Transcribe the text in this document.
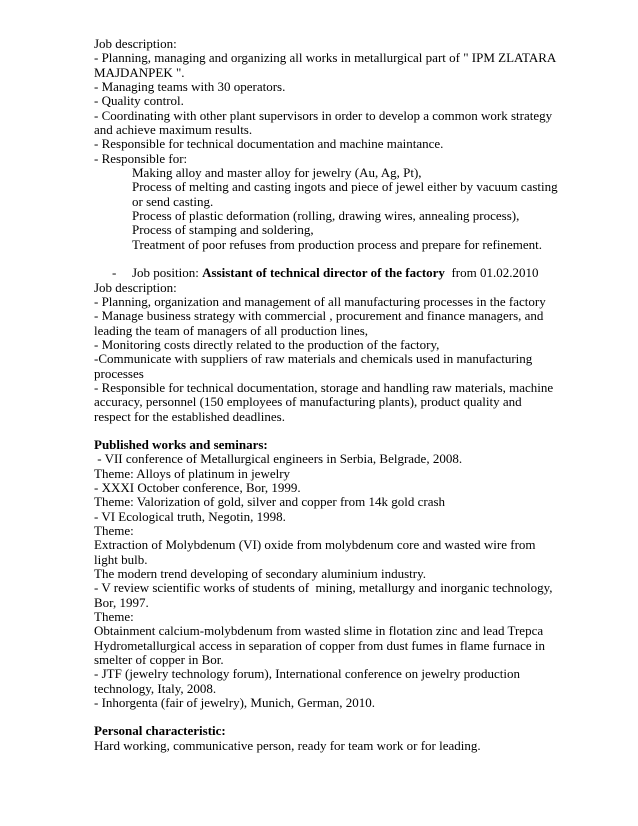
Job description:

- Planning, managing and organizing all works in metallurgical part of " IPM ZLATARA

MAJDANPEK ".

- Managing teams with 30 operators.

- Quality control.

- Coordinating with other plant supervisors in order to develop a common work strategy

and achieve maximum results.

- Responsible for technical documentation and machine maintance.

- Responsible for:

Making alloy and master alloy for jewelry (Au, Ag, Pt),

Process of melting and casting ingots and piece of jewel either by vacuum casting

or send casting.

Process of plastic deformation (rolling, drawing wires, annealing process),

Process of stamping and soldering,

Treatment of poor refuses from production process and prepare for refinement.

- Job position: Assistant of technical director of the factory from 01.02.2010

Job description:

- Planning, organization and management of all manufacturing processes in the factory

- Manage business strategy with commercial , procurement and finance managers, and

leading the team of managers of all production lines,

- Monitoring costs directly related to the production of the factory,

-Communicate with suppliers of raw materials and chemicals used in manufacturing

processes

- Responsible for technical documentation, storage and handling raw materials, machine

accuracy, personnel (150 employees of manufacturing plants), product quality and

respect for the established deadlines.

Published works and seminars:

- VII conference of Metallurgical engineers in Serbia, Belgrade, 2008.

Theme: Alloys of platinum in jewelry

- XXXI October conference, Bor, 1999.

Theme: Valorization of gold, silver and copper from 14k gold crash

- VI Ecological truth, Negotin, 1998.

Theme:

Extraction of Molybdenum (VI) oxide from molybdenum core and wasted wire from

light bulb.

The modern trend developing of secondary aluminium industry.

- V review scientific works of students of  mining, metallurgy and inorganic technology,

Bor, 1997.

Theme:

Obtainment calcium-molybdenum from wasted slime in flotation zinc and lead Trepca

Hydrometallurgical access in separation of copper from dust fumes in flame furnace in

smelter of copper in Bor.

- JTF (jewelry technology forum), International conference on jewelry production

technology, Italy, 2008.

- Inhorgenta (fair of jewelry), Munich, German, 2010.

Personal characteristic:

Hard working, communicative person, ready for team work or for leading.
